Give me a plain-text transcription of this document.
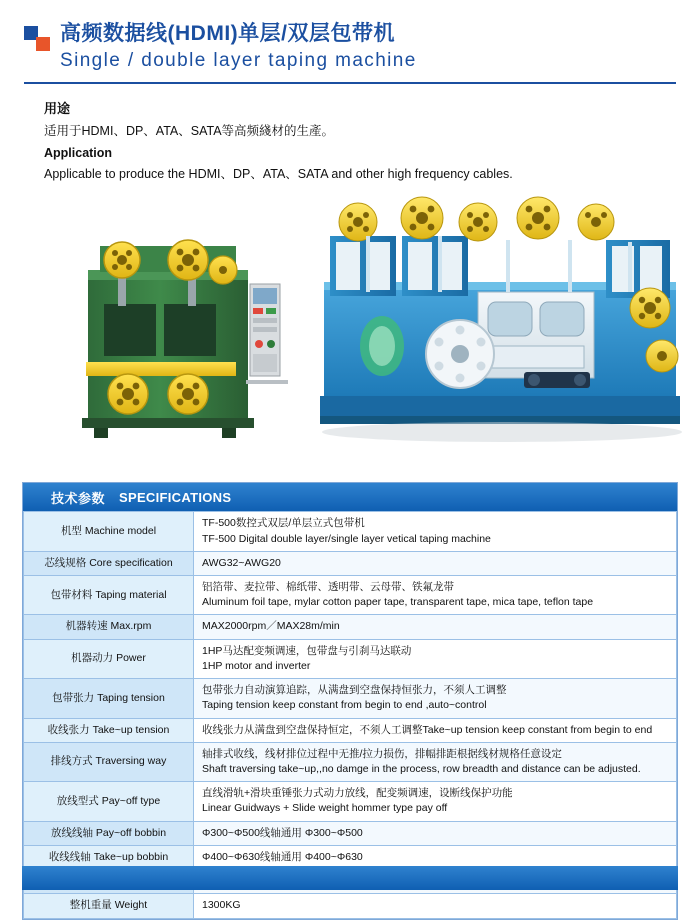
高频数据线(HDMI)单层/双层包带机
Single / double layer taping machine
用途
适用于HDMI、DP、ATA、SATA等高频綫材的生產。
Application
Applicable to produce the HDMI、DP、ATA、SATA and other high frequency cables.
技术参数 SPECIFICATIONS
机型 Machine model	TF-500数控式双层/单层立式包带机
TF-500 Digital double layer/single layer vetical taping machine

芯线规格 Core specification	AWG32~AWG20

包带材料 Taping material	铝箔带、麦拉带、棉纸带、透明带、云母带、铁氟龙带
Aluminum foil tape, mylar cotton paper tape, transparent tape, mica tape, teflon tape

机器转速 Max.rpm	MAX2000rpm／MAX28m/min

机器动力 Power	1HP马达配变频调速，包带盘与引刹马达联动
1HP motor and inverter

包带张力 Taping tension	包带张力自动演算追踪，从满盘到空盘保持恒张力，不须人工调整
Taping tension keep constant from begin to end ,auto~control

收线张力 Take~up tension	收线张力从满盘到空盘保持恒定，不须人工调整Take~up tension keep constant from begin to end

排线方式 Traversing way	轴排式收线，线材排位过程中无推/拉力损伤，排幅排距根据线材规格任意设定
Shaft traversing take~up,,no damge in the process, row breadth and distance can be adjusted.

放线型式 Pay~off type	直线滑轨+滑块重锤张力式动力放线，配变频调速，设断线保护功能
Linear Guidways + Slide weight hommer type pay off

放线线轴 Pay~off bobbin	Φ300~Φ500线轴通用 Φ300~Φ500

收线线轴 Take~up bobbin	Φ400~Φ630线轴通用 Φ400~Φ630

整机重量 Weight	1300KG
